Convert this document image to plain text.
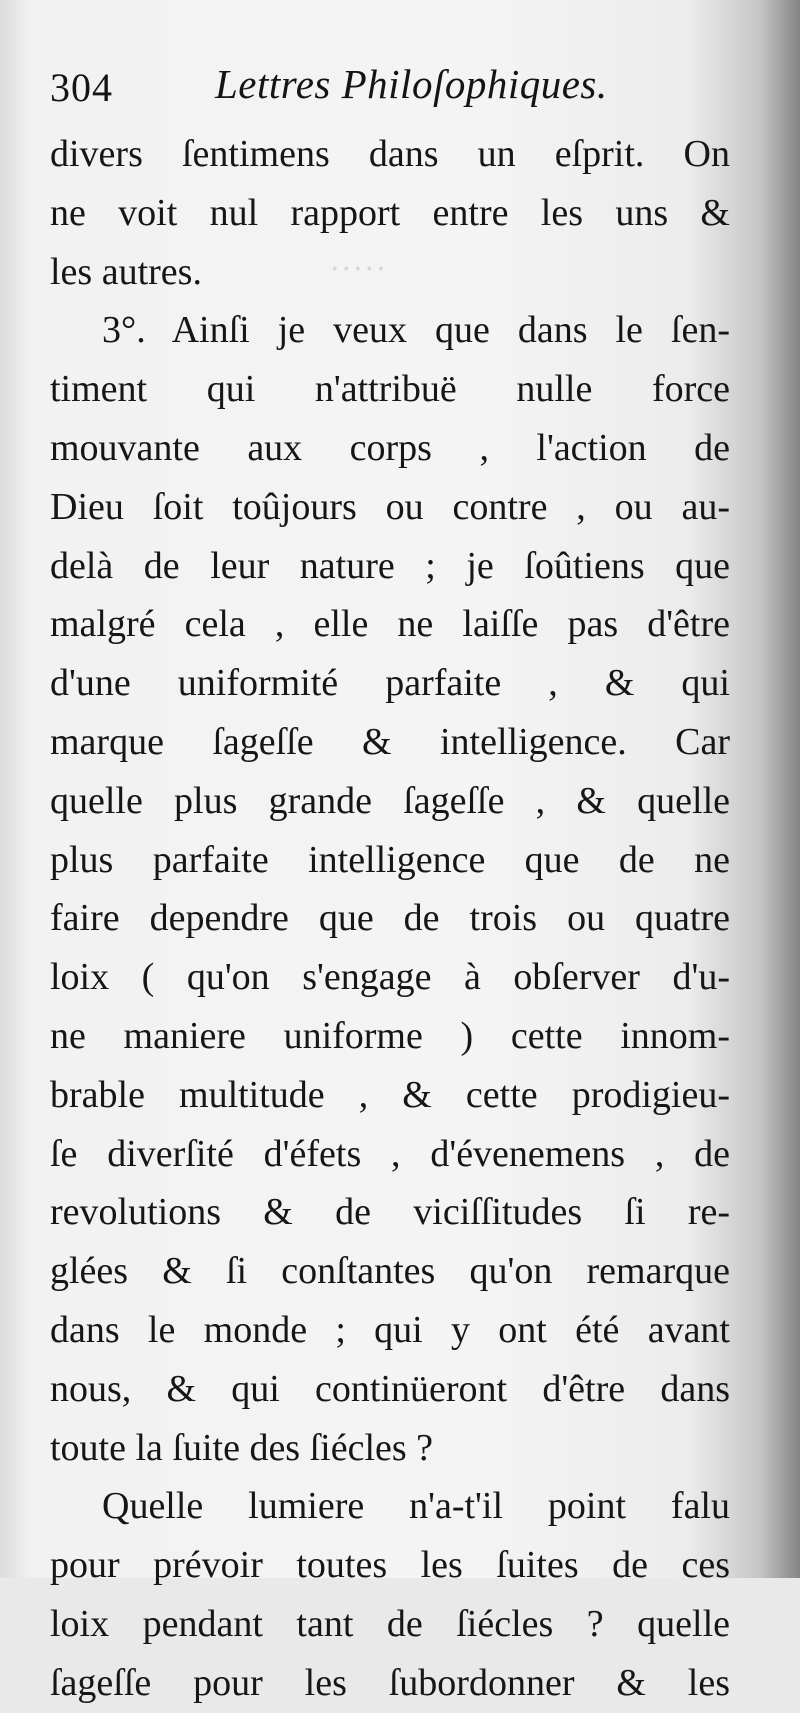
·····
304 Lettres Philoſophiques.
divers ſentimens dans un eſprit. On
ne voit nul rapport entre les uns &
les autres.
3°. Ainſi je veux que dans le ſen-
timent qui n'attribuë nulle force
mouvante aux corps , l'action de
Dieu ſoit toûjours ou contre , ou au-
delà de leur nature ; je ſoûtiens que
malgré cela , elle ne laiſſe pas d'être
d'une uniformité parfaite , & qui
marque ſageſſe & intelligence. Car
quelle plus grande ſageſſe , & quelle
plus parfaite intelligence que de ne
faire dependre que de trois ou quatre
loix ( qu'on s'engage à obſerver d'u-
ne maniere uniforme ) cette innom-
brable multitude , & cette prodigieu-
ſe diverſité d'éfets , d'évenemens , de
revolutions & de viciſſitudes ſi re-
glées & ſi conſtantes qu'on remarque
dans le monde ; qui y ont été avant
nous, & qui continüeront d'être dans
toute la ſuite des ſiécles ?
Quelle lumiere n'a-t'il point falu
pour prévoir toutes les ſuites de ces
loix pendant tant de ſiécles ? quelle
ſageſſe pour les ſubordonner & les
